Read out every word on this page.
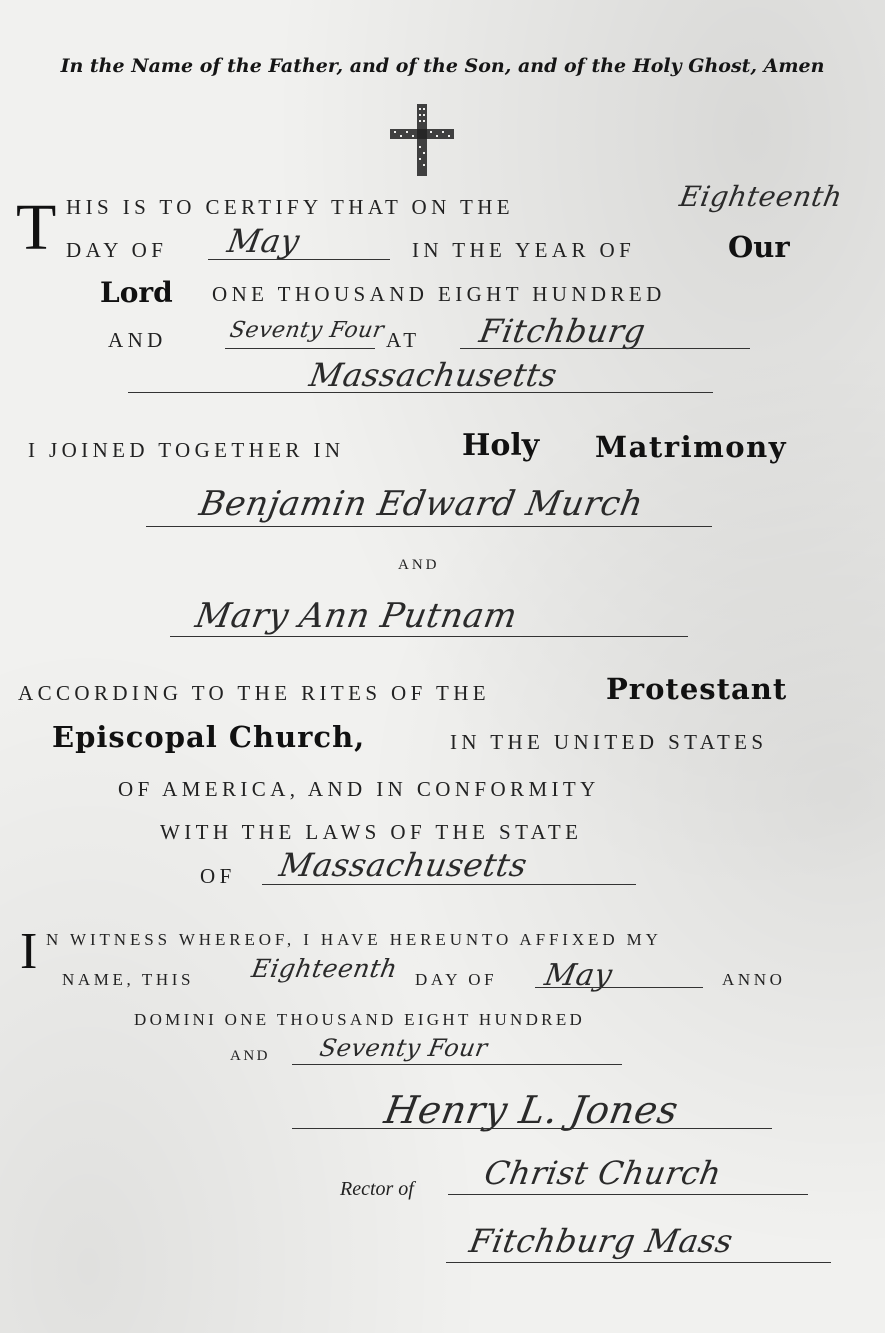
In the Name of the Father, and of the Son, and of the Holy Ghost, Amen
T HIS IS TO CERTIFY THAT ON THE	Eighteenth
DAY OF May	IN THE YEAR OF	Our
Lord ONE THOUSAND EIGHT HUNDRED
AND	Seventy Four AT Fitchburg
Massachusetts
I JOINED TOGETHER IN	Holy Matrimony
Benjamin Edward Murch
AND
Mary Ann Putnam
ACCORDING TO THE RITES OF THE	Protestant
Episcopal Church,	IN THE UNITED STATES
OF AMERICA, AND IN CONFORMITY
WITH THE LAWS OF THE STATE
OF Massachusetts
I N WITNESS WHEREOF, I HAVE HEREUNTO AFFIXED MY
NAME, THIS Eighteenth DAY OF May	ANNO
DOMINI ONE THOUSAND EIGHT HUNDRED
AND Seventy Four
Henry L. Jones
Rector of Christ Church
Fitchburg Mass
